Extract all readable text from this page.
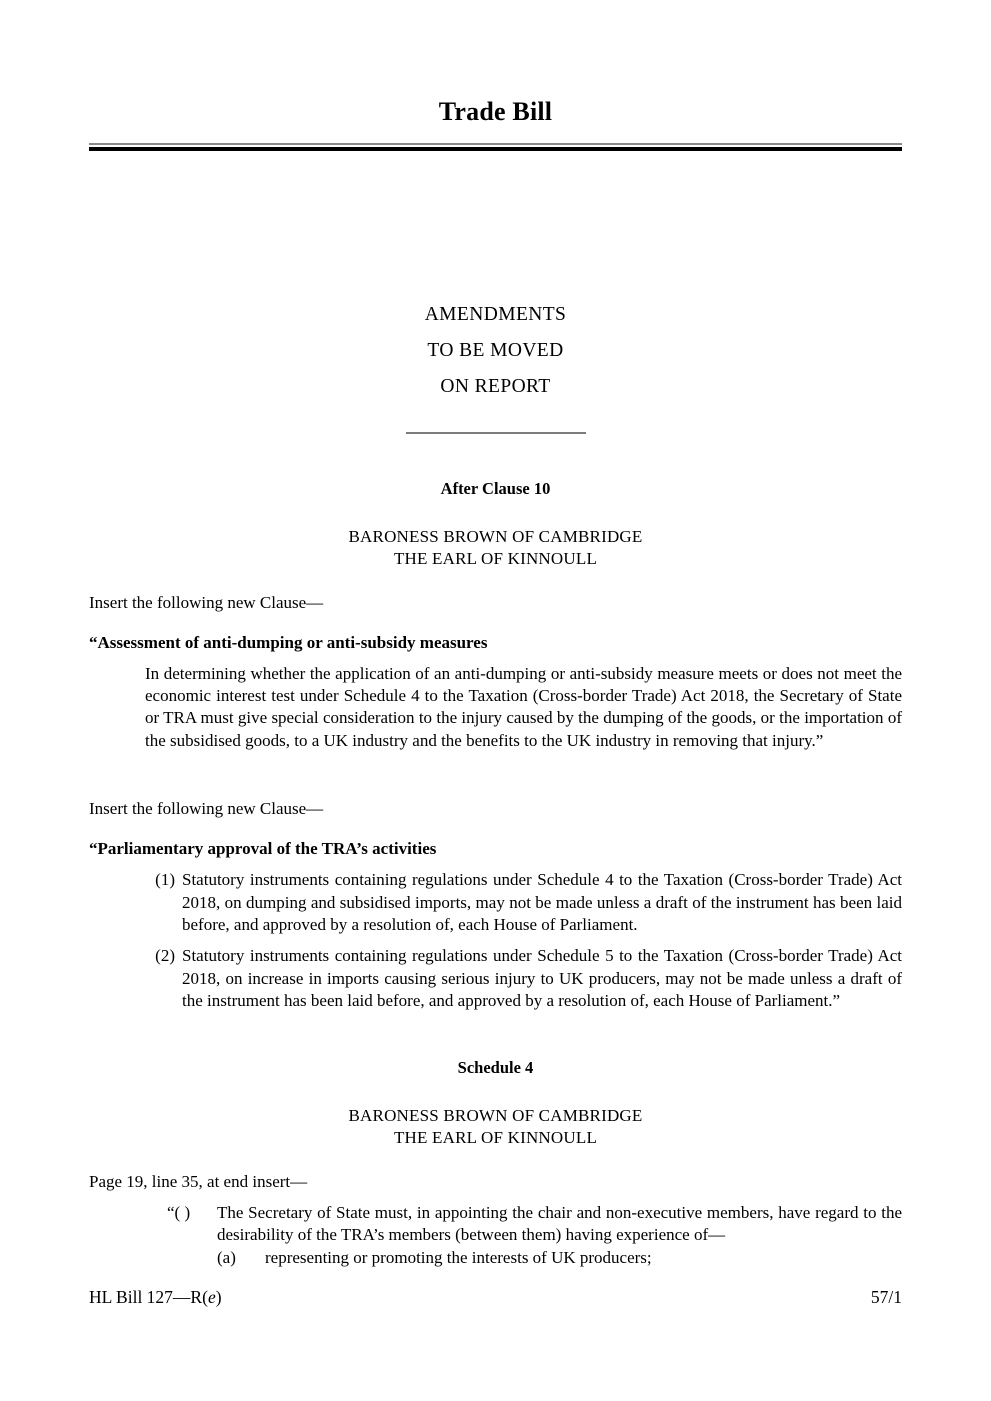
Trade Bill
AMENDMENTS
TO BE MOVED
ON REPORT
After Clause 10
BARONESS BROWN OF CAMBRIDGE
THE EARL OF KINNOULL
Insert the following new Clause—
“Assessment of anti-dumping or anti-subsidy measures
In determining whether the application of an anti-dumping or anti-subsidy measure meets or does not meet the economic interest test under Schedule 4 to the Taxation (Cross-border Trade) Act 2018, the Secretary of State or TRA must give special consideration to the injury caused by the dumping of the goods, or the importation of the subsidised goods, to a UK industry and the benefits to the UK industry in removing that injury.”
Insert the following new Clause—
“Parliamentary approval of the TRA’s activities
(1) Statutory instruments containing regulations under Schedule 4 to the Taxation (Cross-border Trade) Act 2018, on dumping and subsidised imports, may not be made unless a draft of the instrument has been laid before, and approved by a resolution of, each House of Parliament.
(2) Statutory instruments containing regulations under Schedule 5 to the Taxation (Cross-border Trade) Act 2018, on increase in imports causing serious injury to UK producers, may not be made unless a draft of the instrument has been laid before, and approved by a resolution of, each House of Parliament.”
Schedule 4
BARONESS BROWN OF CAMBRIDGE
THE EARL OF KINNOULL
Page 19, line 35, at end insert—
“( )	The Secretary of State must, in appointing the chair and non-executive members, have regard to the desirability of the TRA’s members (between them) having experience of—
(a)	representing or promoting the interests of UK producers;
HL Bill 127—R(e)	57/1
